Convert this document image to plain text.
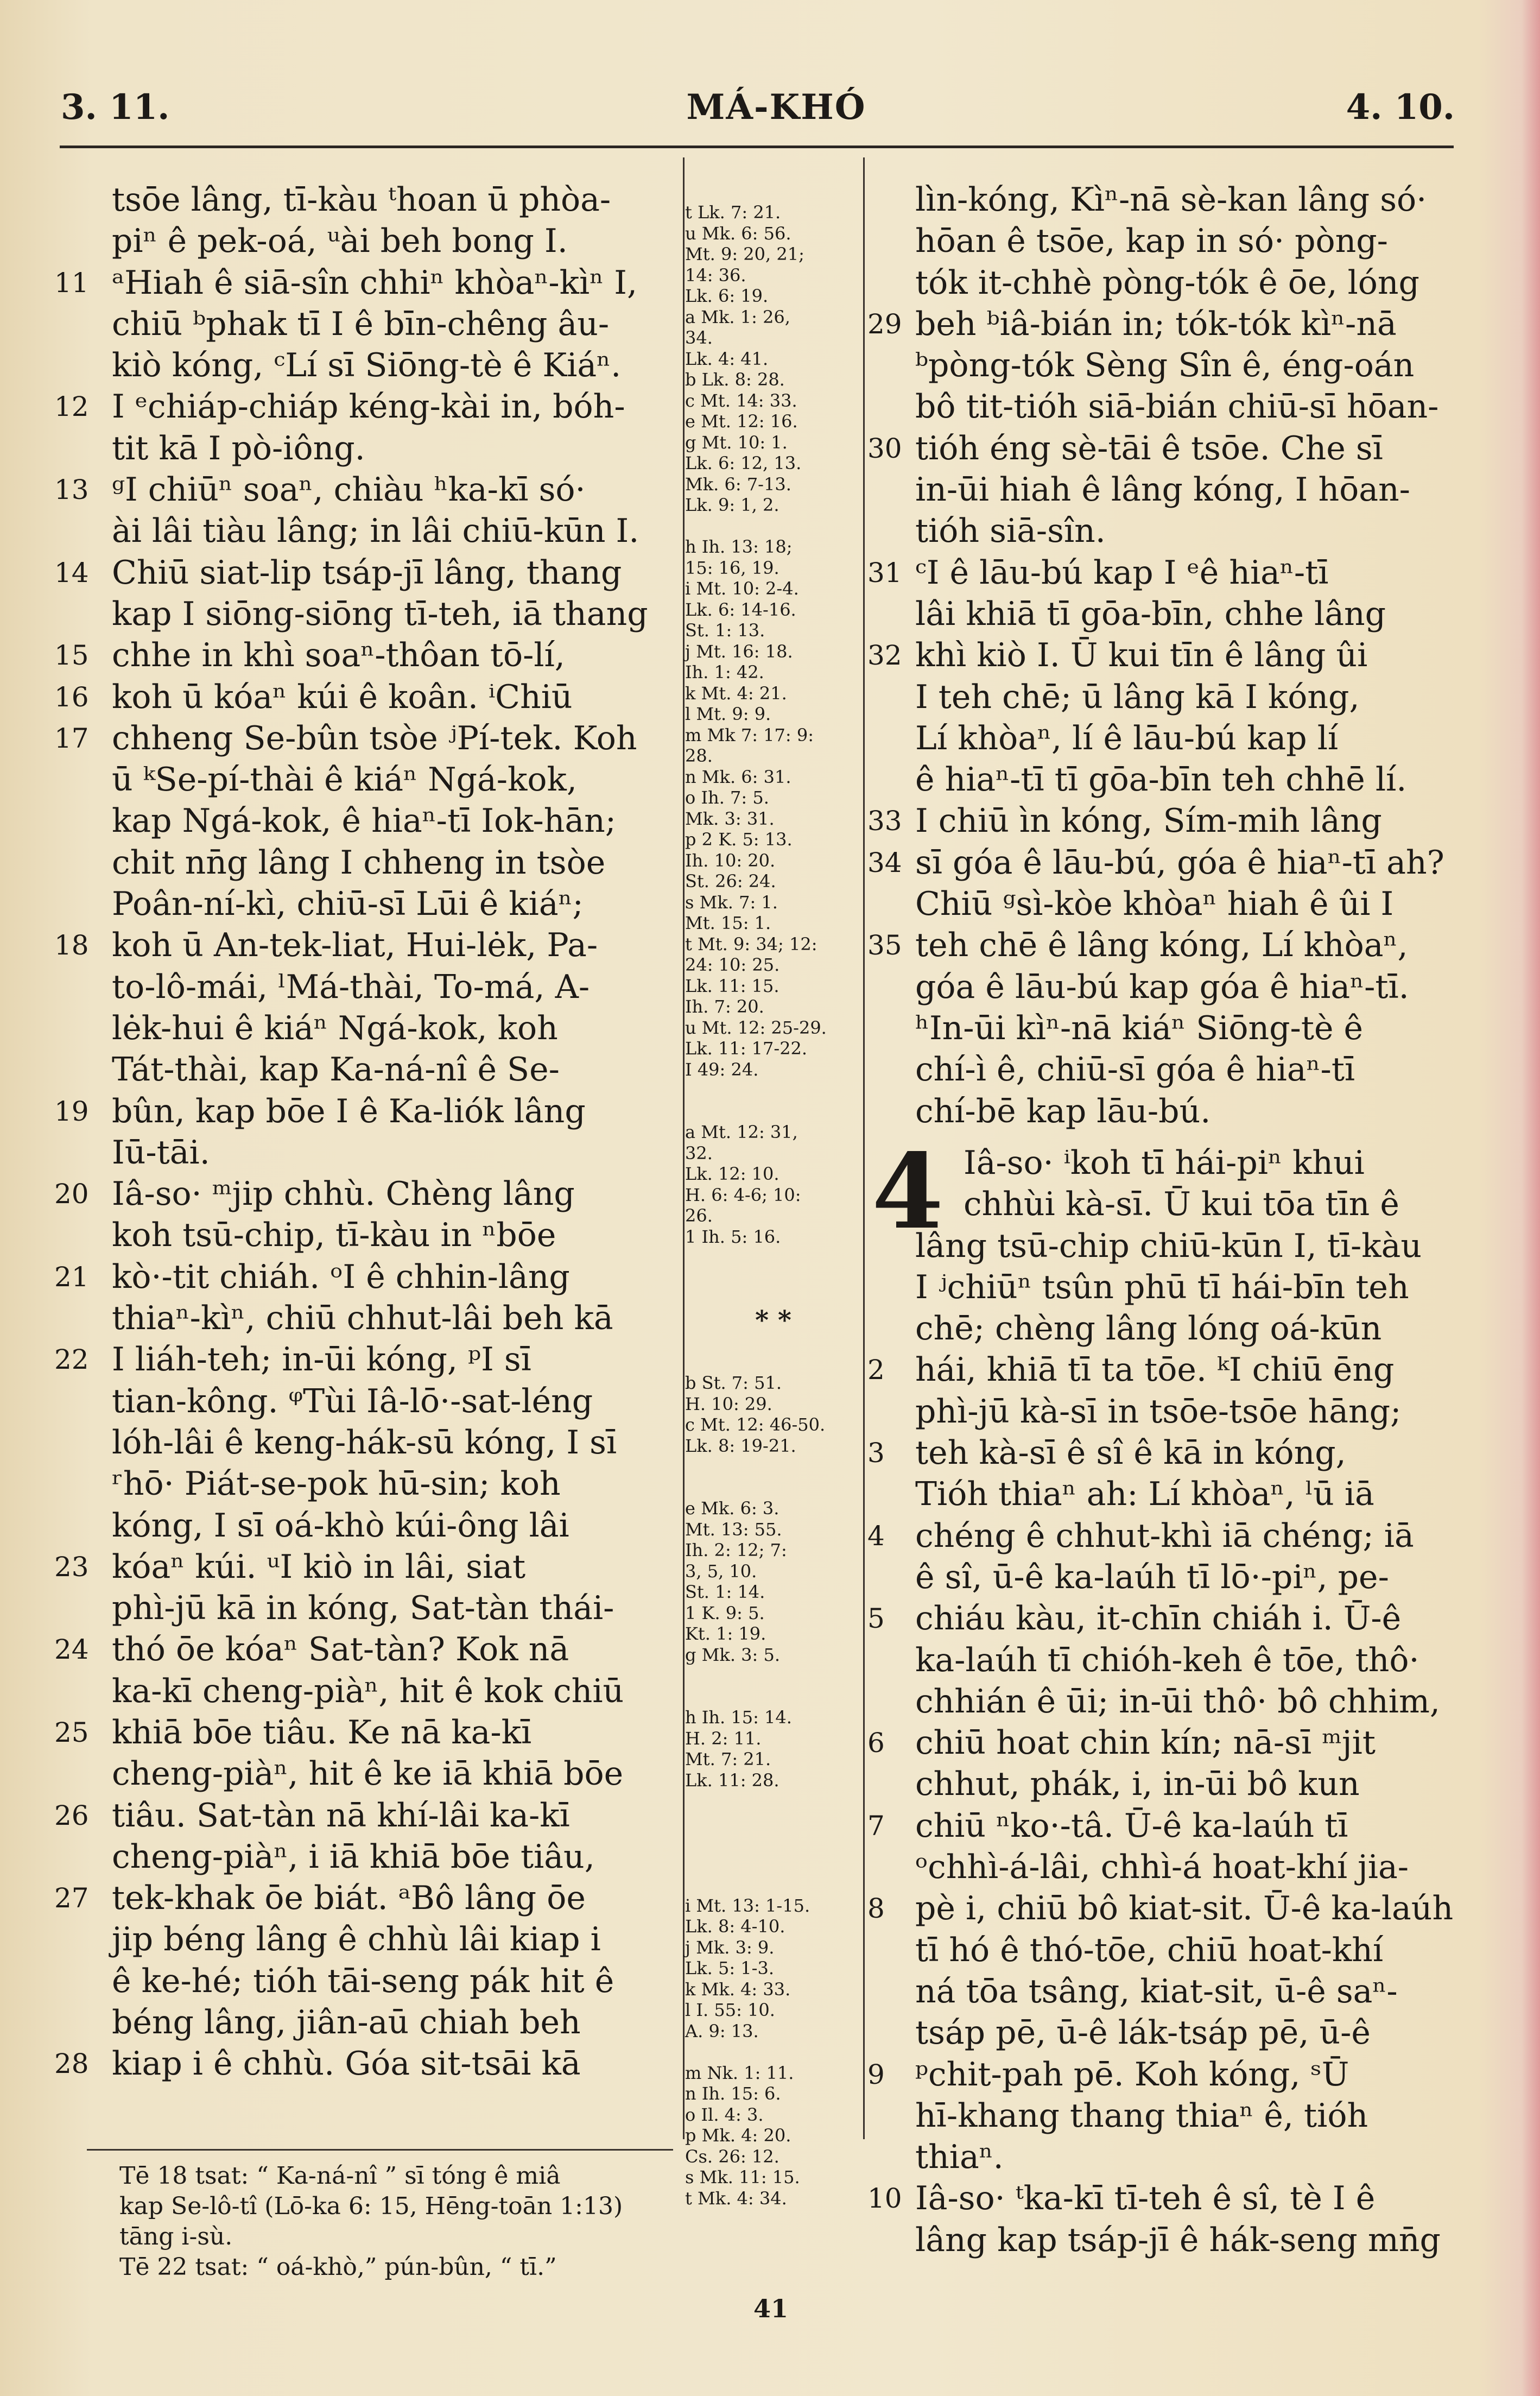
3. 11.	MÁ-KHÓ	4. 10.
tsōe lâng, tī-kàu ᵗhoan ū phòa-
piⁿ ê pek-oá, ᵘài beh bong I.
11 ᵃHiah ê siā-sîn chhiⁿ khòaⁿ-kìⁿ I,
chiū ᵇphak tī I ê bīn-chêng âu-
kiò kóng, ᶜLí sī Siōng-tè ê Kiáⁿ.
12 I ᵉchiáp-chiáp kéng-kài in, bóh-
tit kā I pò-iông.
13 ᵍI chiūⁿ soaⁿ, chiàu ʰka-kī só·
ài lâi tiàu lâng; in lâi chiū-kūn I.
14 Chiū siat-lip tsáp-jī lâng, thang
kap I siōng-siōng tī-teh, iā thang
15 chhe in khì soaⁿ-thôan tō-lí,
16 koh ū kóaⁿ kúi ê koân. ⁱChiū
17 chheng Se-bûn tsòe ʲPí-tek. Koh
ū ᵏSe-pí-thài ê kiáⁿ Ngá-kok,
kap Ngá-kok, ê hiaⁿ-tī Iok-hān;
chit nn̄g lâng I chheng in tsòe
Poân-ní-kì, chiū-sī Lūi ê kiáⁿ;
18 koh ū An-tek-liat, Hui-lėk, Pa-
to-lô-mái, ˡMá-thài, To-má, A-
lėk-hui ê kiáⁿ Ngá-kok, koh
Tát-thài, kap Ka-ná-nî ê Se-
19 bûn, kap bōe I ê Ka-liók lâng
Iū-tāi.
20 Iâ-so· ᵐjip chhù. Chèng lâng
koh tsū-chip, tī-kàu in ⁿbōe
21 kò·-tit chiáh. ᵒI ê chhin-lâng
thiaⁿ-kìⁿ, chiū chhut-lâi beh kā
22 I liáh-teh; in-ūi kóng, ᵖI sī
tian-kông. ᵠTùi Iâ-lō·-sat-léng
lóh-lâi ê keng-hák-sū kóng, I sī
ʳhō· Piát-se-pok hū-sin; koh
kóng, I sī oá-khò kúi-ông lâi
23 kóaⁿ kúi. ᵘI kiò in lâi, siat
phì-jū kā in kóng, Sat-tàn thái-
24 thó ōe kóaⁿ Sat-tàn? Kok nā
ka-kī cheng-piàⁿ, hit ê kok chiū
25 khiā bōe tiâu. Ke nā ka-kī
cheng-piàⁿ, hit ê ke iā khiā bōe
26 tiâu. Sat-tàn nā khí-lâi ka-kī
cheng-piàⁿ, i iā khiā bōe tiâu,
27 tek-khak ōe biát. ᵃBô lâng ōe
jip béng lâng ê chhù lâi kiap i
ê ke-hé; tióh tāi-seng pák hit ê
béng lâng, jiân-aū chiah beh
28 kiap i ê chhù. Góa sit-tsāi kā
t Lk. 7: 21.
u Mk. 6: 56.
Mt. 9: 20, 21;
14: 36.
Lk. 6: 19.
a Mk. 1: 26,
34.
Lk. 4: 41.
b Lk. 8: 28.
c Mt. 14: 33.
e Mt. 12: 16.
g Mt. 10: 1.
Lk. 6: 12, 13.
Mk. 6: 7-13.
Lk. 9: 1, 2.
h Ih. 13: 18;
15: 16, 19.
i Mt. 10: 2-4.
Lk. 6: 14-16.
St. 1: 13.
j Mt. 16: 18.
Ih. 1: 42.
k Mt. 4: 21.
l Mt. 9: 9.
m Mk 7: 17: 9:
28.
n Mk. 6: 31.
o Ih. 7: 5.
Mk. 3: 31.
p 2 K. 5: 13.
Ih. 10: 20.
St. 26: 24.
s Mk. 7: 1.
Mt. 15: 1.
t Mt. 9: 34; 12:
24: 10: 25.
Lk. 11: 15.
Ih. 7: 20.
u Mt. 12: 25-29.
Lk. 11: 17-22.
I 49: 24.
a Mt. 12: 31,
32.
Lk. 12: 10.
H. 6: 4-6; 10:
26.
1 Ih. 5: 16.
* *
b St. 7: 51.
H. 10: 29.
c Mt. 12: 46-50.
Lk. 8: 19-21.
e Mk. 6: 3.
Mt. 13: 55.
Ih. 2: 12; 7:
3, 5, 10.
St. 1: 14.
1 K. 9: 5.
Kt. 1: 19.
g Mk. 3: 5.
h Ih. 15: 14.
H. 2: 11.
Mt. 7: 21.
Lk. 11: 28.
i Mt. 13: 1-15.
Lk. 8: 4-10.
j Mk. 3: 9.
Lk. 5: 1-3.
k Mk. 4: 33.
l I. 55: 10.
A. 9: 13.
m Nk. 1: 11.
n Ih. 15: 6.
o Il. 4: 3.
p Mk. 4: 20.
Cs. 26: 12.
s Mk. 11: 15.
t Mk. 4: 34.
lìn-kóng, Kìⁿ-nā sè-kan lâng só·
hōan ê tsōe, kap in só· pòng-
tók it-chhè pòng-tók ê ōe, lóng
29 beh ᵇiâ-bián in; tók-tók kìⁿ-nā
ᵇpòng-tók Sèng Sîn ê, éng-oán
bô tit-tióh siā-bián chiū-sī hōan-
30 tióh éng sè-tāi ê tsōe. Che sī
in-ūi hiah ê lâng kóng, I hōan-
tióh siā-sîn.
31 ᶜI ê lāu-bú kap I ᵉê hiaⁿ-tī
lâi khiā tī gōa-bīn, chhe lâng
32 khì kiò I. Ū kui tīn ê lâng ûi
I teh chē; ū lâng kā I kóng,
Lí khòaⁿ, lí ê lāu-bú kap lí
ê hiaⁿ-tī tī gōa-bīn teh chhē lí.
33 I chiū ìn kóng, Sím-mih lâng
34 sī góa ê lāu-bú, góa ê hiaⁿ-tī ah?
Chiū ᵍsì-kòe khòaⁿ hiah ê ûi I
35 teh chē ê lâng kóng, Lí khòaⁿ,
góa ê lāu-bú kap góa ê hiaⁿ-tī.
ʰIn-ūi kìⁿ-nā kiáⁿ Siōng-tè ê
chí-ì ê, chiū-sī góa ê hiaⁿ-tī
chí-bē kap lāu-bú.
4 Iâ-so· ⁱkoh tī hái-piⁿ khui
chhùi kà-sī. Ū kui tōa tīn ê
lâng tsū-chip chiū-kūn I, tī-kàu
I ʲchiūⁿ tsûn phū tī hái-bīn teh
chē; chèng lâng lóng oá-kūn
2 hái, khiā tī ta tōe. ᵏI chiū ēng
phì-jū kà-sī in tsōe-tsōe hāng;
3 teh kà-sī ê sî ê kā in kóng,
Tióh thiaⁿ ah: Lí khòaⁿ, ˡū iā
4 chéng ê chhut-khì iā chéng; iā
ê sî, ū-ê ka-laúh tī lō·-piⁿ, pe-
5 chiáu kàu, it-chīn chiáh i. Ū-ê
ka-laúh tī chióh-keh ê tōe, thô·
chhián ê ūi; in-ūi thô· bô chhim,
6 chiū hoat chin kín; nā-sī ᵐjit
chhut, phák, i, in-ūi bô kun
7 chiū ⁿko·-tâ. Ū-ê ka-laúh tī
ᵒchhì-á-lâi, chhì-á hoat-khí jia-
8 pè i, chiū bô kiat-sit. Ū-ê ka-laúh
tī hó ê thó-tōe, chiū hoat-khí
ná tōa tsâng, kiat-sit, ū-ê saⁿ-
tsáp pē, ū-ê lák-tsáp pē, ū-ê
9 ᵖchit-pah pē. Koh kóng, ˢŪ
hī-khang thang thiaⁿ ê, tióh
thiaⁿ.
10 Iâ-so· ᵗka-kī tī-teh ê sî, tè I ê
lâng kap tsáp-jī ê hák-seng mn̄g
Tē 18 tsat: “ Ka-ná-nî ” sī tóng ê miâ
kap Se-lô-tî (Lō-ka 6: 15, Hēng-toān 1:13)
tāng i-sù.
Tē 22 tsat: “ oá-khò,” pún-bûn, “ tī.”
41
